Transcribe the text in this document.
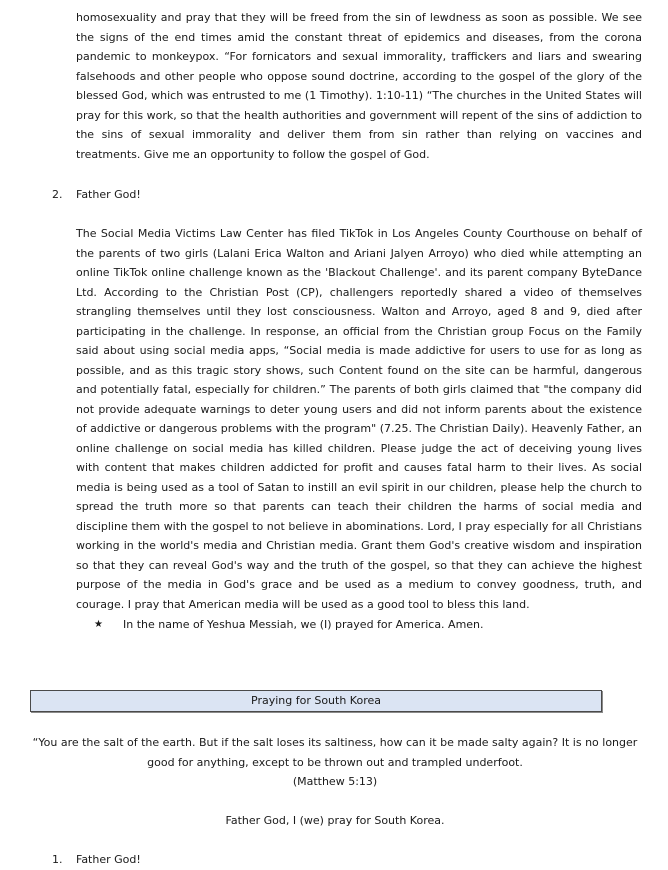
homosexuality and pray that they will be freed from the sin of lewdness as soon as possible. We see the signs of the end times amid the constant threat of epidemics and diseases, from the corona pandemic to monkeypox. “For fornicators and sexual immorality, traffickers and liars and swearing falsehoods and other people who oppose sound doctrine, according to the gospel of the glory of the blessed God, which was entrusted to me (1 Timothy). 1:10-11) “The churches in the United States will pray for this work, so that the health authorities and government will repent of the sins of addiction to the sins of sexual immorality and deliver them from sin rather than relying on vaccines and treatments. Give me an opportunity to follow the gospel of God.

2. Father God!

The Social Media Victims Law Center has filed TikTok in Los Angeles County Courthouse on behalf of the parents of two girls (Lalani Erica Walton and Ariani Jalyen Arroyo) who died while attempting an online TikTok online challenge known as the 'Blackout Challenge'. and its parent company ByteDance Ltd. According to the Christian Post (CP), challengers reportedly shared a video of themselves strangling themselves until they lost consciousness. Walton and Arroyo, aged 8 and 9, died after participating in the challenge. In response, an official from the Christian group Focus on the Family said about using social media apps, “Social media is made addictive for users to use for as long as possible, and as this tragic story shows, such Content found on the site can be harmful, dangerous and potentially fatal, especially for children.” The parents of both girls claimed that "the company did not provide adequate warnings to deter young users and did not inform parents about the existence of addictive or dangerous problems with the program" (7.25. The Christian Daily). Heavenly Father, an online challenge on social media has killed children. Please judge the act of deceiving young lives with content that makes children addicted for profit and causes fatal harm to their lives. As social media is being used as a tool of Satan to instill an evil spirit in our children, please help the church to spread the truth more so that parents can teach their children the harms of social media and discipline them with the gospel to not believe in abominations. Lord, I pray especially for all Christians working in the world's media and Christian media. Grant them God's creative wisdom and inspiration so that they can reveal God's way and the truth of the gospel, so that they can achieve the highest purpose of the media in God's grace and be used as a medium to convey goodness, truth, and courage. I pray that American media will be used as a good tool to bless this land.

★ In the name of Yeshua Messiah, we (I) prayed for America. Amen.
Praying for South Korea

“You are the salt of the earth. But if the salt loses its saltiness, how can it be made salty again? It is no longer good for anything, except to be thrown out and trampled underfoot.

(Matthew 5:13)
Father God, I (we) pray for South Korea.
1. Father God!
